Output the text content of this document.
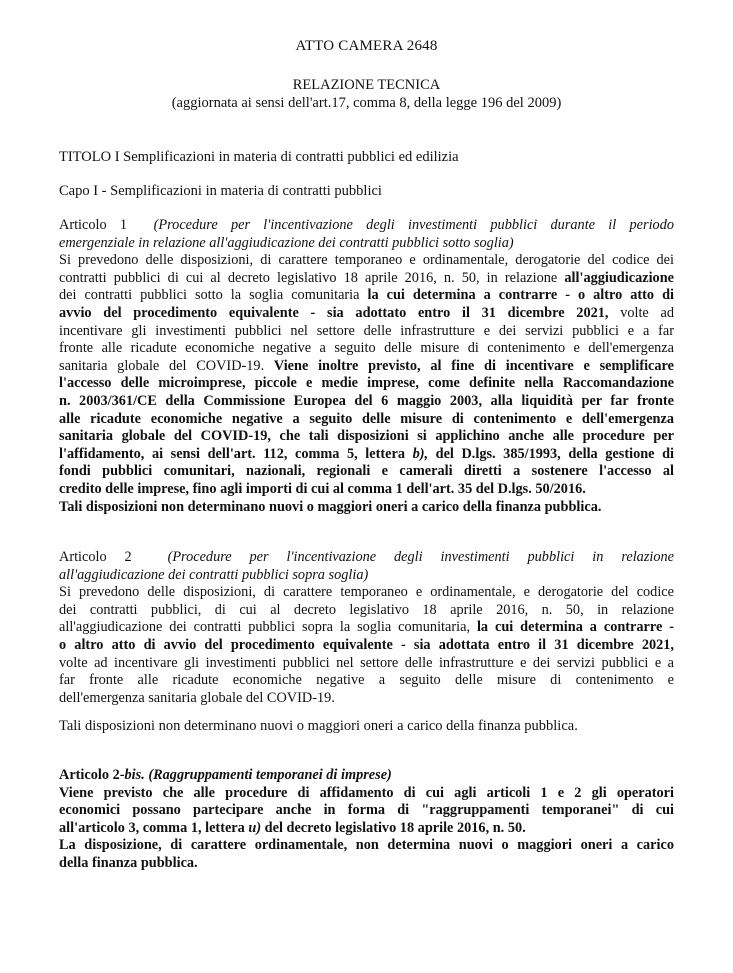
ATTO CAMERA 2648
RELAZIONE TECNICA
(aggiornata ai sensi dell'art.17, comma 8, della legge 196 del 2009)
TITOLO I Semplificazioni in materia di contratti pubblici ed edilizia
Capo I - Semplificazioni in materia di contratti pubblici
Articolo 1 (Procedure per l'incentivazione degli investimenti pubblici durante il periodo
emergenziale in relazione all'aggiudicazione dei contratti pubblici sotto soglia)
Si prevedono delle disposizioni, di carattere temporaneo e ordinamentale, derogatorie del codice dei
contratti pubblici di cui al decreto legislativo 18 aprile 2016, n. 50, in relazione all'aggiudicazione
dei contratti pubblici sotto la soglia comunitaria la cui determina a contrarre - o altro atto di
avvio del procedimento equivalente - sia adottato entro il 31 dicembre 2021, volte ad
incentivare gli investimenti pubblici nel settore delle infrastrutture e dei servizi pubblici e a far
fronte alle ricadute economiche negative a seguito delle misure di contenimento e dell'emergenza
sanitaria globale del COVID-19. Viene inoltre previsto, al fine di incentivare e semplificare
l'accesso delle microimprese, piccole e medie imprese, come definite nella Raccomandazione
n. 2003/361/CE della Commissione Europea del 6 maggio 2003, alla liquidità per far fronte
alle ricadute economiche negative a seguito delle misure di contenimento e dell'emergenza
sanitaria globale del COVID-19, che tali disposizioni si applichino anche alle procedure per
l'affidamento, ai sensi dell'art. 112, comma 5, lettera b), del D.lgs. 385/1993, della gestione di
fondi pubblici comunitari, nazionali, regionali e camerali diretti a sostenere l'accesso al
credito delle imprese, fino agli importi di cui al comma 1 dell'art. 35 del D.lgs. 50/2016.
Tali disposizioni non determinano nuovi o maggiori oneri a carico della finanza pubblica.
Articolo 2	(Procedure per l'incentivazione degli investimenti pubblici in relazione
all'aggiudicazione dei contratti pubblici sopra soglia)
Si prevedono delle disposizioni, di carattere temporaneo e ordinamentale, e derogatorie del codice
dei contratti pubblici, di cui al decreto legislativo 18 aprile 2016, n. 50, in relazione
all'aggiudicazione dei contratti pubblici sopra la soglia comunitaria, la cui determina a contrarre -
o altro atto di avvio del procedimento equivalente - sia adottata entro il 31 dicembre 2021,
volte ad incentivare gli investimenti pubblici nel settore delle infrastrutture e dei servizi pubblici e a
far fronte alle ricadute economiche negative a seguito delle misure di contenimento e
dell'emergenza sanitaria globale del COVID-19.
Tali disposizioni non determinano nuovi o maggiori oneri a carico della finanza pubblica.
Articolo 2-bis. (Raggruppamenti temporanei di imprese)
Viene previsto che alle procedure di affidamento di cui agli articoli 1 e 2 gli operatori
economici possano partecipare anche in forma di "raggruppamenti temporanei" di cui
all'articolo 3, comma 1, lettera u) del decreto legislativo 18 aprile 2016, n. 50.
La disposizione, di carattere ordinamentale, non determina nuovi o maggiori oneri a carico
della finanza pubblica.
